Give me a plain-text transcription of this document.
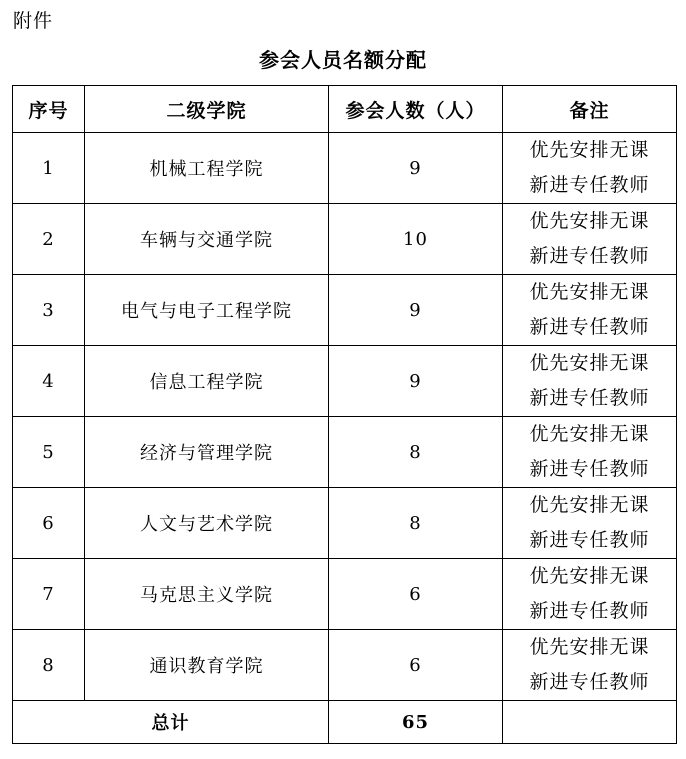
附件
参会人员名额分配
序号	二级学院	参会人数（人）	备注
1	机械工程学院	9	优先安排无课
新进专任教师

2	车辆与交通学院	10	优先安排无课
新进专任教师

3	电气与电子工程学院	9	优先安排无课
新进专任教师

4	信息工程学院	9	优先安排无课
新进专任教师

5	经济与管理学院	8	优先安排无课
新进专任教师

6	人文与艺术学院	8	优先安排无课
新进专任教师

7	马克思主义学院	6	优先安排无课
新进专任教师

8	通识教育学院	6	优先安排无课
新进专任教师

总计		65	
